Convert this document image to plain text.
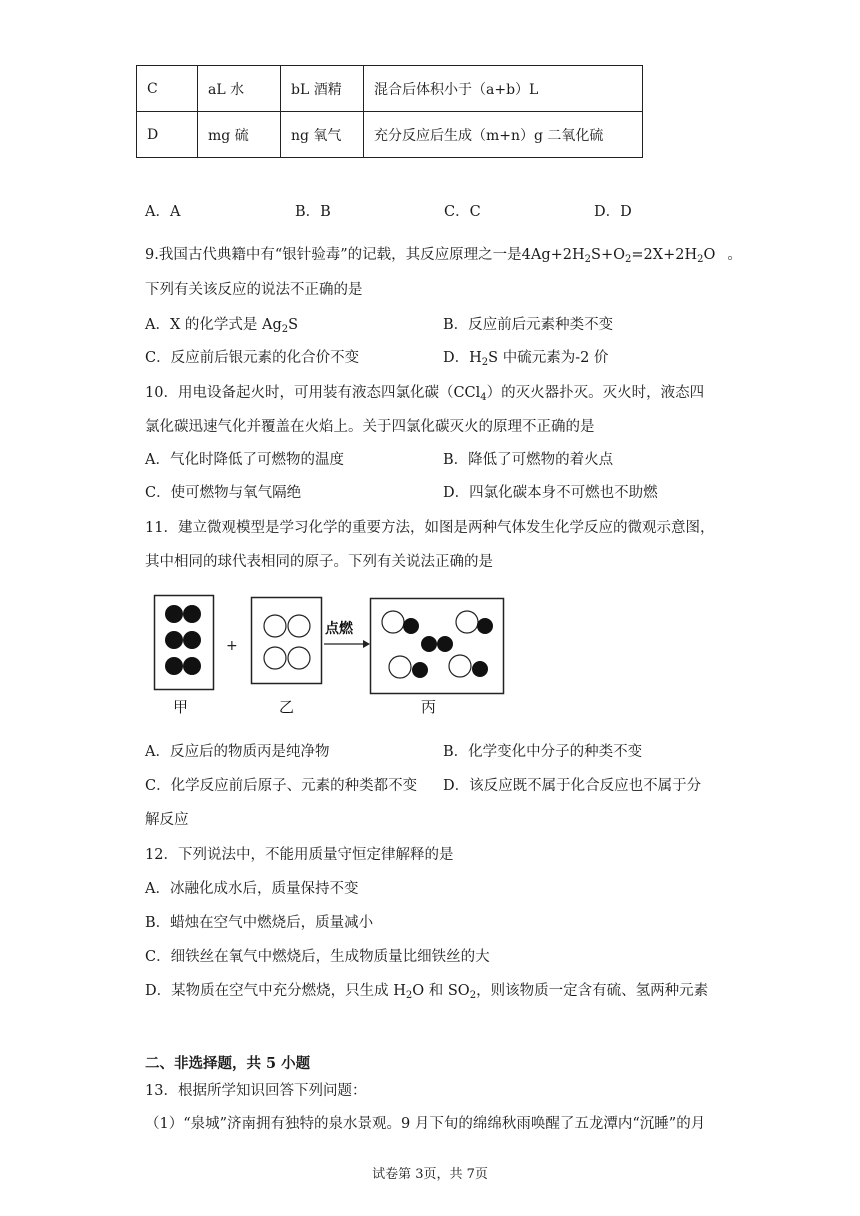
C	aL 水	bL 酒精	混合后体积小于（a+b）L
D	mg 硫	ng 氧气	充分反应后生成（m+n）g 二氧化硫
A．A	B．B	C．C	D．D
9.我国古代典籍中有“银针验毒”的记载，其反应原理之一是$4Ag+2H_2S+O_2=2X+2H_2O$ 。
下列有关该反应的说法不正确的是
A．X 的化学式是 $Ag_2S$	B．反应前后元素种类不变
C．反应前后银元素的化合价不变	D．$H_2S$ 中硫元素为-2 价
10．用电设备起火时，可用装有液态四氯化碳（CCl$_4$）的灭火器扑灭。灭火时，液态四
氯化碳迅速气化并覆盖在火焰上。关于四氯化碳灭火的原理不正确的是
A．气化时降低了可燃物的温度	B．降低了可燃物的着火点
C．使可燃物与氧气隔绝	D．四氯化碳本身不可燃也不助燃
11．建立微观模型是学习化学的重要方法，如图是两种气体发生化学反应的微观示意图，
其中相同的球代表相同的原子。下列有关说法正确的是
+
点燃
甲	乙	丙
A．反应后的物质丙是纯净物	B．化学变化中分子的种类不变
C．化学反应前后原子、元素的种类都不变 D．该反应既不属于化合反应也不属于分
解反应
12．下列说法中，不能用质量守恒定律解释的是
A．冰融化成水后，质量保持不变
B．蜡烛在空气中燃烧后，质量减小
C．细铁丝在氧气中燃烧后，生成物质量比细铁丝的大
D．某物质在空气中充分燃烧，只生成 $H_2O$ 和 $SO_2$，则该物质一定含有硫、氢两种元素
二、非选择题，共 5 小题
13．根据所学知识回答下列问题：
（1）“泉城”济南拥有独特的泉水景观。9 月下旬的绵绵秋雨唤醒了五龙潭内“沉睡”的月
试卷第 3页，共 7页
